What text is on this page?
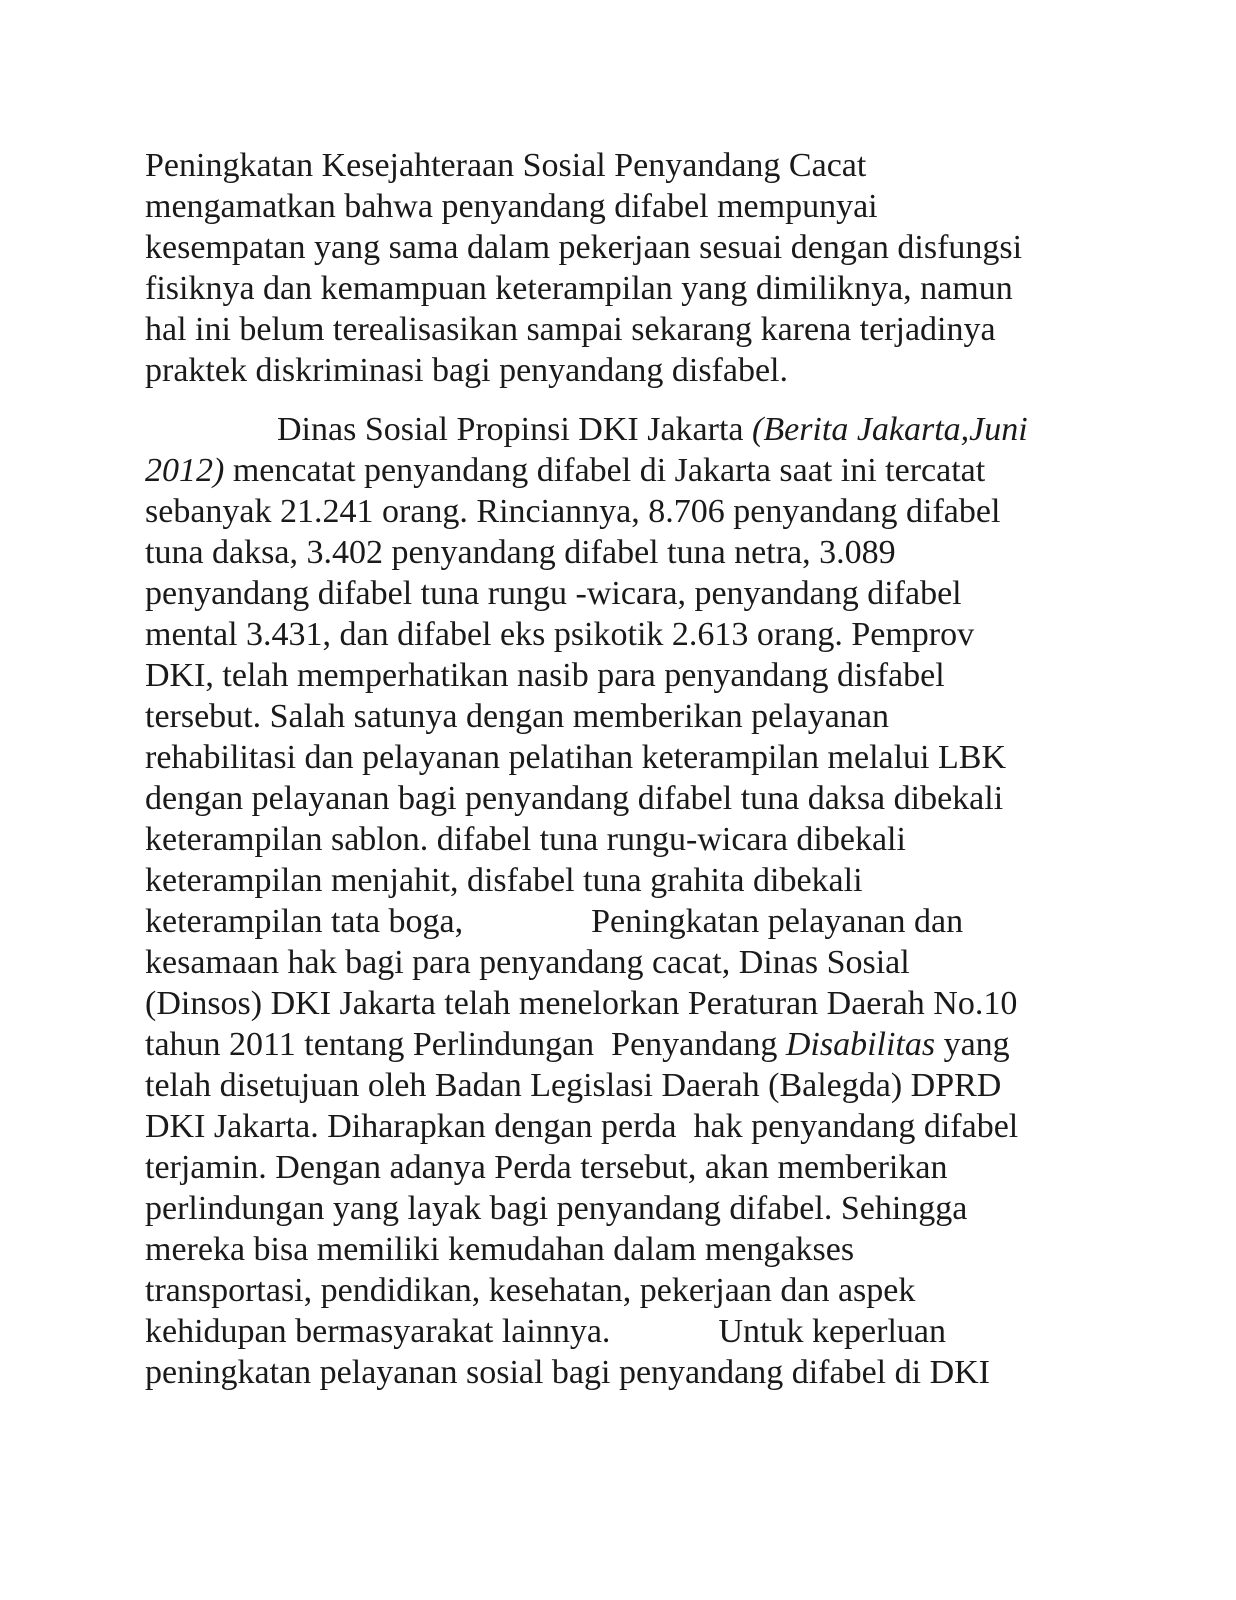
Peningkatan Kesejahteraan Sosial Penyandang Cacat
mengamatkan bahwa penyandang difabel mempunyai
kesempatan yang sama dalam pekerjaan sesuai dengan disfungsi
fisiknya dan kemampuan keterampilan yang dimiliknya, namun
hal ini belum terealisasikan sampai sekarang karena terjadinya
praktek diskriminasi bagi penyandang disfabel.
Dinas Sosial Propinsi DKI Jakarta (Berita Jakarta,Juni
2012) mencatat penyandang difabel di Jakarta saat ini tercatat
sebanyak 21.241 orang. Rinciannya, 8.706 penyandang difabel
tuna daksa, 3.402 penyandang difabel tuna netra, 3.089
penyandang difabel tuna rungu -wicara, penyandang difabel
mental 3.431, dan difabel eks psikotik 2.613 orang. Pemprov
DKI, telah memperhatikan nasib para penyandang disfabel
tersebut. Salah satunya dengan memberikan pelayanan
rehabilitasi dan pelayanan pelatihan keterampilan melalui LBK
dengan pelayanan bagi penyandang difabel tuna daksa dibekali
keterampilan sablon. difabel tuna rungu-wicara dibekali
keterampilan menjahit, disfabel tuna grahita dibekali
keterampilan tata boga,	Peningkatan pelayanan dan
kesamaan hak bagi para penyandang cacat, Dinas Sosial
(Dinsos) DKI Jakarta telah menelorkan Peraturan Daerah No.10
tahun 2011 tentang Perlindungan  Penyandang Disabilitas yang
telah disetujuan oleh Badan Legislasi Daerah (Balegda) DPRD
DKI Jakarta. Diharapkan dengan perda  hak penyandang difabel
terjamin. Dengan adanya Perda tersebut, akan memberikan
perlindungan yang layak bagi penyandang difabel. Sehingga
mereka bisa memiliki kemudahan dalam mengakses
transportasi, pendidikan, kesehatan, pekerjaan dan aspek
kehidupan bermasyarakat lainnya.	Untuk keperluan
peningkatan pelayanan sosial bagi penyandang difabel di DKI
